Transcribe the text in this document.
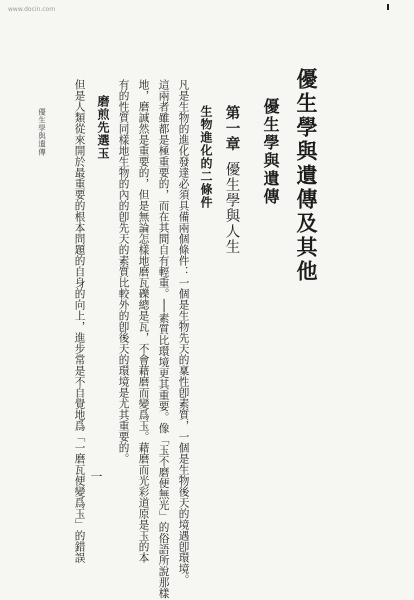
www.docin.com
優生學與遺傳及其他
優生學與遺傳
第一章優生學與人生
生物進化的二條件
凡是生物的進化發達必須具備兩個條件：一個是生物先天的稟性卽素質，一個是生物後天的境遇卽環境。
這兩者雖都是極重要的，而在其間自有輕重。──素質比環境更其重要。像「玉不磨便無光」的俗語所說那樣
地，磨誠然是重要的，但是無論怎樣地磨瓦礫總是瓦，不會藉磨而變爲玉。藉磨而光彩道原是玉的本
有的性質同樣地生物的內的卽先天的素質比較外的卽後天的環境是尤其重要的。
磨煎先選玉
但是人類從來開於最重要的根本問題的自身的向上，進步常是不自覺地爲「一磨瓦便變爲玉」的錯誤
優生學與遺傳
一
